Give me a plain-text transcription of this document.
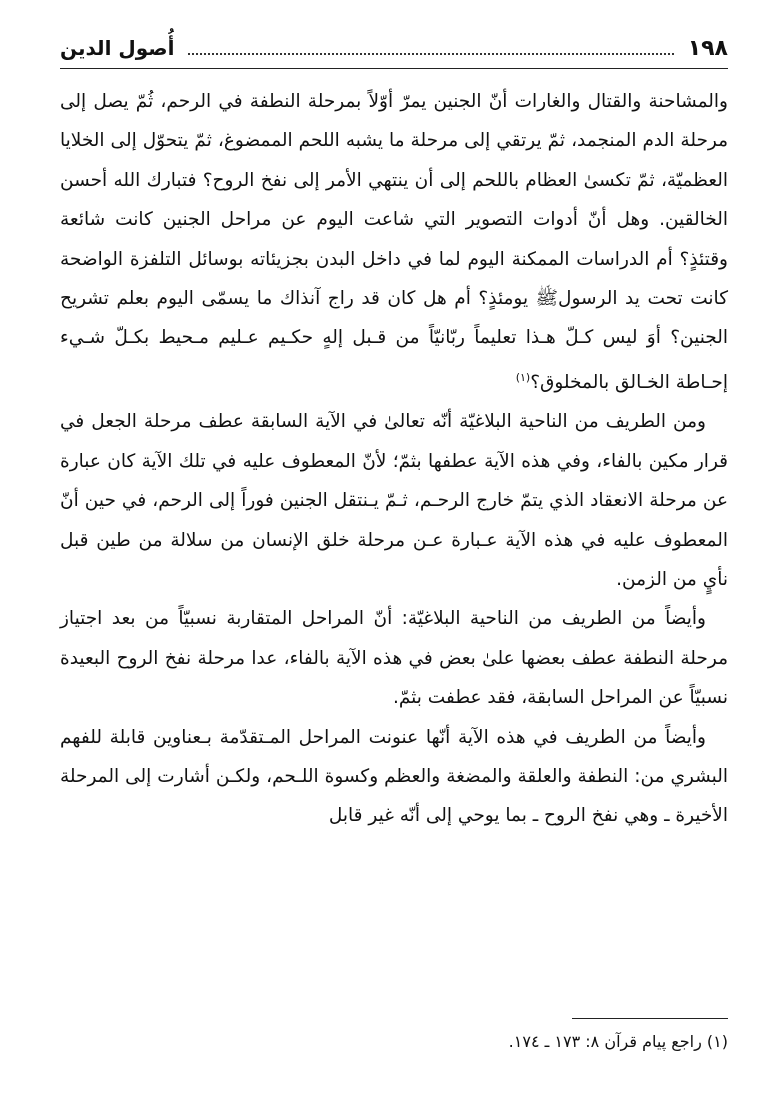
١٩٨
أُصول الدين

والمشاحنة والقتال والغارات أنّ الجنين يمرّ أوّلاً بمرحلة النطفة في الرحم، ثُمّ يصل إلى مرحلة الدم المنجمد، ثمّ يرتقي إلى مرحلة ما يشبه اللحم الممضوغ، ثمّ يتحوّل إلى الخلايا العظميّة، ثمّ تكسىٰ العظام باللحم إلى أن ينتهي الأمر إلى نفخ الروح؟ فتبارك الله أحسن الخالقين. وهل أنّ أدوات التصوير التي شاعت اليوم عن مراحل الجنين كانت شائعة وقتئذٍ؟ أم الدراسات الممكنة اليوم لما في داخل البدن بجزيئاته بوسائل التلفزة الواضحة كانت تحت يد الرسولﷺ يومئذٍ؟ أم هل كان قد راج آنذاك ما يسمّى اليوم بعلم تشريح الجنين؟ أوَ ليس كـلّ هـذا تعليماً ربّانيّاً من قـبل إلهٍ حكـيم عـليم مـحيط بكـلّ شـيء إحـاطة الخـالق بالمخلوق؟$^{(١)}$

ومن الطريف من الناحية البلاغيّة أنّه تعالىٰ في الآية السابقة عطف مرحلة الجعل في قرار مكين بالفاء، وفي هذه الآية عطفها بثمّ؛ لأنّ المعطوف عليه في تلك الآية كان عبارة عن مرحلة الانعقاد الذي يتمّ خارج الرحـم، ثـمّ يـنتقل الجنين فوراً إلى الرحم، في حين أنّ المعطوف عليه في هذه الآية عـبارة عـن مرحلة خلق الإنسان من سلالة من طين قبل نأيٍ من الزمن.

وأيضاً من الطريف من الناحية البلاغيّة: أنّ المراحل المتقاربة نسبيّاً من بعد اجتياز مرحلة النطفة عطف بعضها علىٰ بعض في هذه الآية بالفاء، عدا مرحلة نفخ الروح البعيدة نسبيّاً عن المراحل السابقة، فقد عطفت بثمّ.

وأيضاً من الطريف في هذه الآية أنّها عنونت المراحل المـتقدّمة بـعناوين قابلة للفهم البشري من: النطفة والعلقة والمضغة والعظم وكسوة اللـحم، ولكـن أشارت إلى المرحلة الأخيرة ـ وهي نفخ الروح ـ بما يوحي إلى أنّه غير قابل

(١) راجع پيام قرآن ٨: ١٧٣ ـ ١٧٤.
